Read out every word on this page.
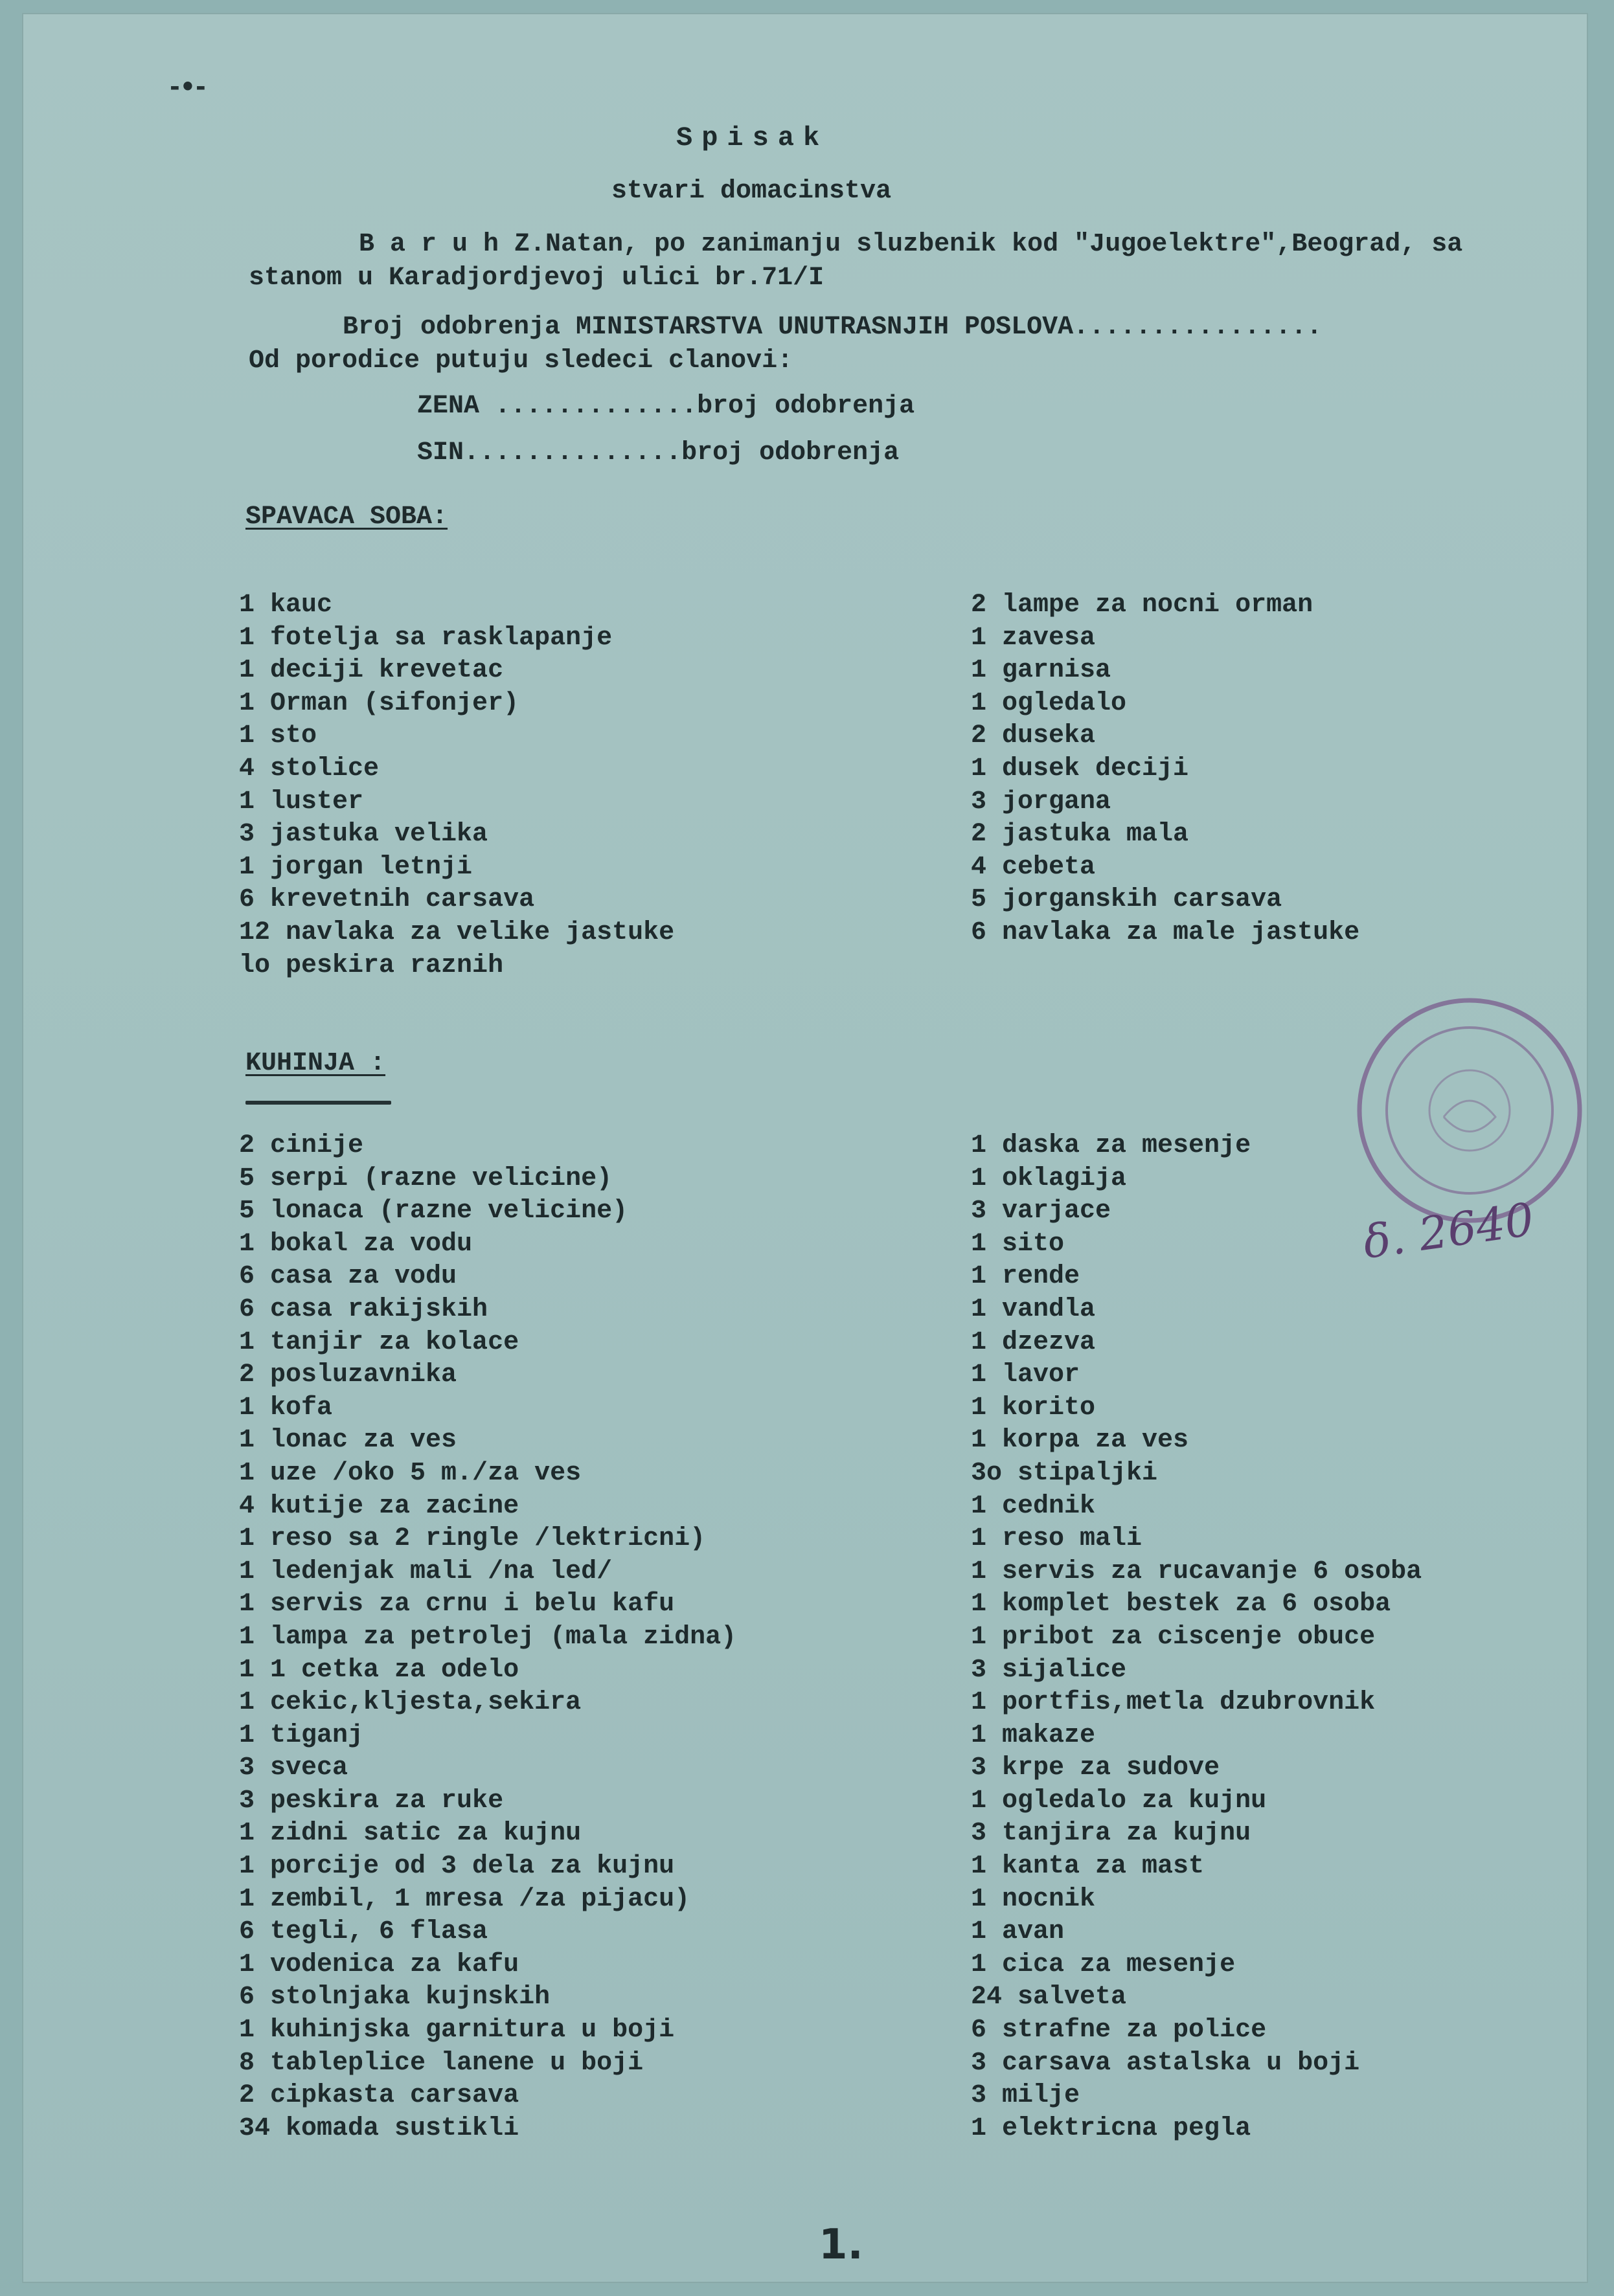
-•-
Spisak
stvari domacinstva
B a r u h Z.Natan, po zanimanju sluzbenik kod "Jugoelektre",Beograd, sa
stanom u Karadjordjevoj ulici br.71/I
Broj odobrenja MINISTARSTVA UNUTRASNJIH POSLOVA................
Od porodice putuju sledeci clanovi:
ZENA .............broj odobrenja
SIN..............broj odobrenja
SPAVACA SOBA:
1 kauc
1 fotelja sa rasklapanje
1 deciji krevetac
1 Orman (sifonjer)
1 sto
4 stolice
1 luster
3 jastuka velika
1 jorgan letnji
6 krevetnih carsava
12 navlaka za velike jastuke
lo peskira raznih
2 lampe za nocni orman
1 zavesa
1 garnisa
1 ogledalo
2 duseka
1 dusek deciji
3 jorgana
2 jastuka mala
4 cebeta
5 jorganskih carsava
6 navlaka za male jastuke
KUHINJA :
2 cinije
5 serpi (razne velicine)
5 lonaca (razne velicine)
1 bokal za vodu
6 casa za vodu
6 casa rakijskih
1 tanjir za kolace
2 posluzavnika
1 kofa
1 lonac za ves
1 uze /oko 5 m./za ves
4 kutije za zacine
1 reso sa 2 ringle /lektricni)
1 ledenjak mali /na led/
1 servis za crnu i belu kafu
1 lampa za petrolej (mala zidna)
1 1 cetka za odelo
1 cekic,kljesta,sekira
1 tiganj
3 sveca
3 peskira za ruke
1 zidni satic za kujnu
1 porcije od 3 dela za kujnu
1 zembil, 1 mresa /za pijacu)
6 tegli, 6 flasa
1 vodenica za kafu
6 stolnjaka kujnskih
1 kuhinjska garnitura u boji
8 tableplice lanene u boji
2 cipkasta carsava
34 komada sustikli
1 daska za mesenje
1 oklagija
3 varjace
1 sito
1 rende
1 vandla
1 dzezva
1 lavor
1 korito
1 korpa za ves
3o stipaljki
1 cednik
1 reso mali
1 servis za rucavanje 6 osoba
1 komplet bestek za 6 osoba
1 pribot za ciscenje obuce
3 sijalice
1 portfis,metla dzubrovnik
1 makaze
3 krpe za sudove
1 ogledalo za kujnu
3 tanjira za kujnu
1 kanta za mast
1 nocnik
1 avan
1 cica za mesenje
24 salveta
6 strafne za police
3 carsava astalska u boji
3 milje
1 elektricna pegla
δ. 2640
1.
